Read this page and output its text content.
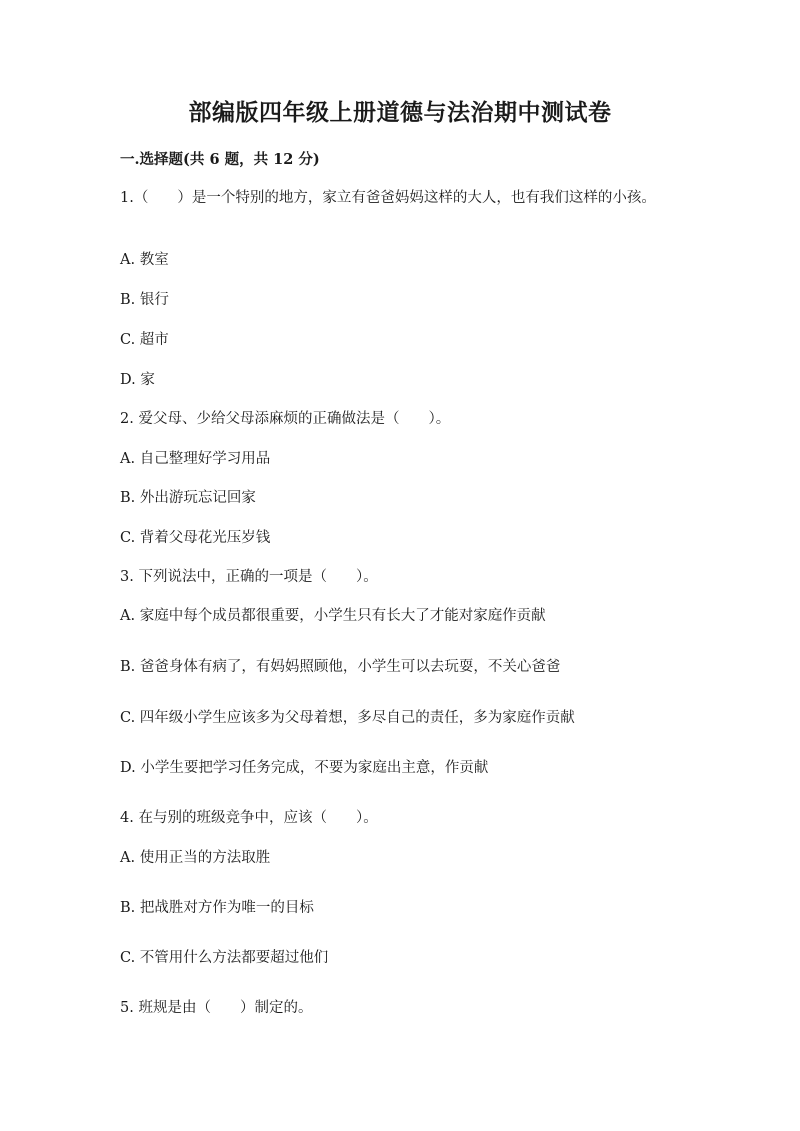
部编版四年级上册道德与法治期中测试卷
一.选择题(共 6 题，共 12 分)
1.（　　）是一个特别的地方，家立有爸爸妈妈这样的大人，也有我们这样的小孩。
A. 教室
B. 银行
C. 超市
D. 家
2. 爱父母、少给父母添麻烦的正确做法是（　　）。
A. 自己整理好学习用品
B. 外出游玩忘记回家
C. 背着父母花光压岁钱
3. 下列说法中，正确的一项是（　　）。
A. 家庭中每个成员都很重要，小学生只有长大了才能对家庭作贡献
B. 爸爸身体有病了，有妈妈照顾他，小学生可以去玩耍，不关心爸爸
C. 四年级小学生应该多为父母着想，多尽自己的责任，多为家庭作贡献
D. 小学生要把学习任务完成，不要为家庭出主意，作贡献
4. 在与别的班级竞争中，应该（　　）。
A. 使用正当的方法取胜
B. 把战胜对方作为唯一的目标
C. 不管用什么方法都要超过他们
5. 班规是由（　　）制定的。
